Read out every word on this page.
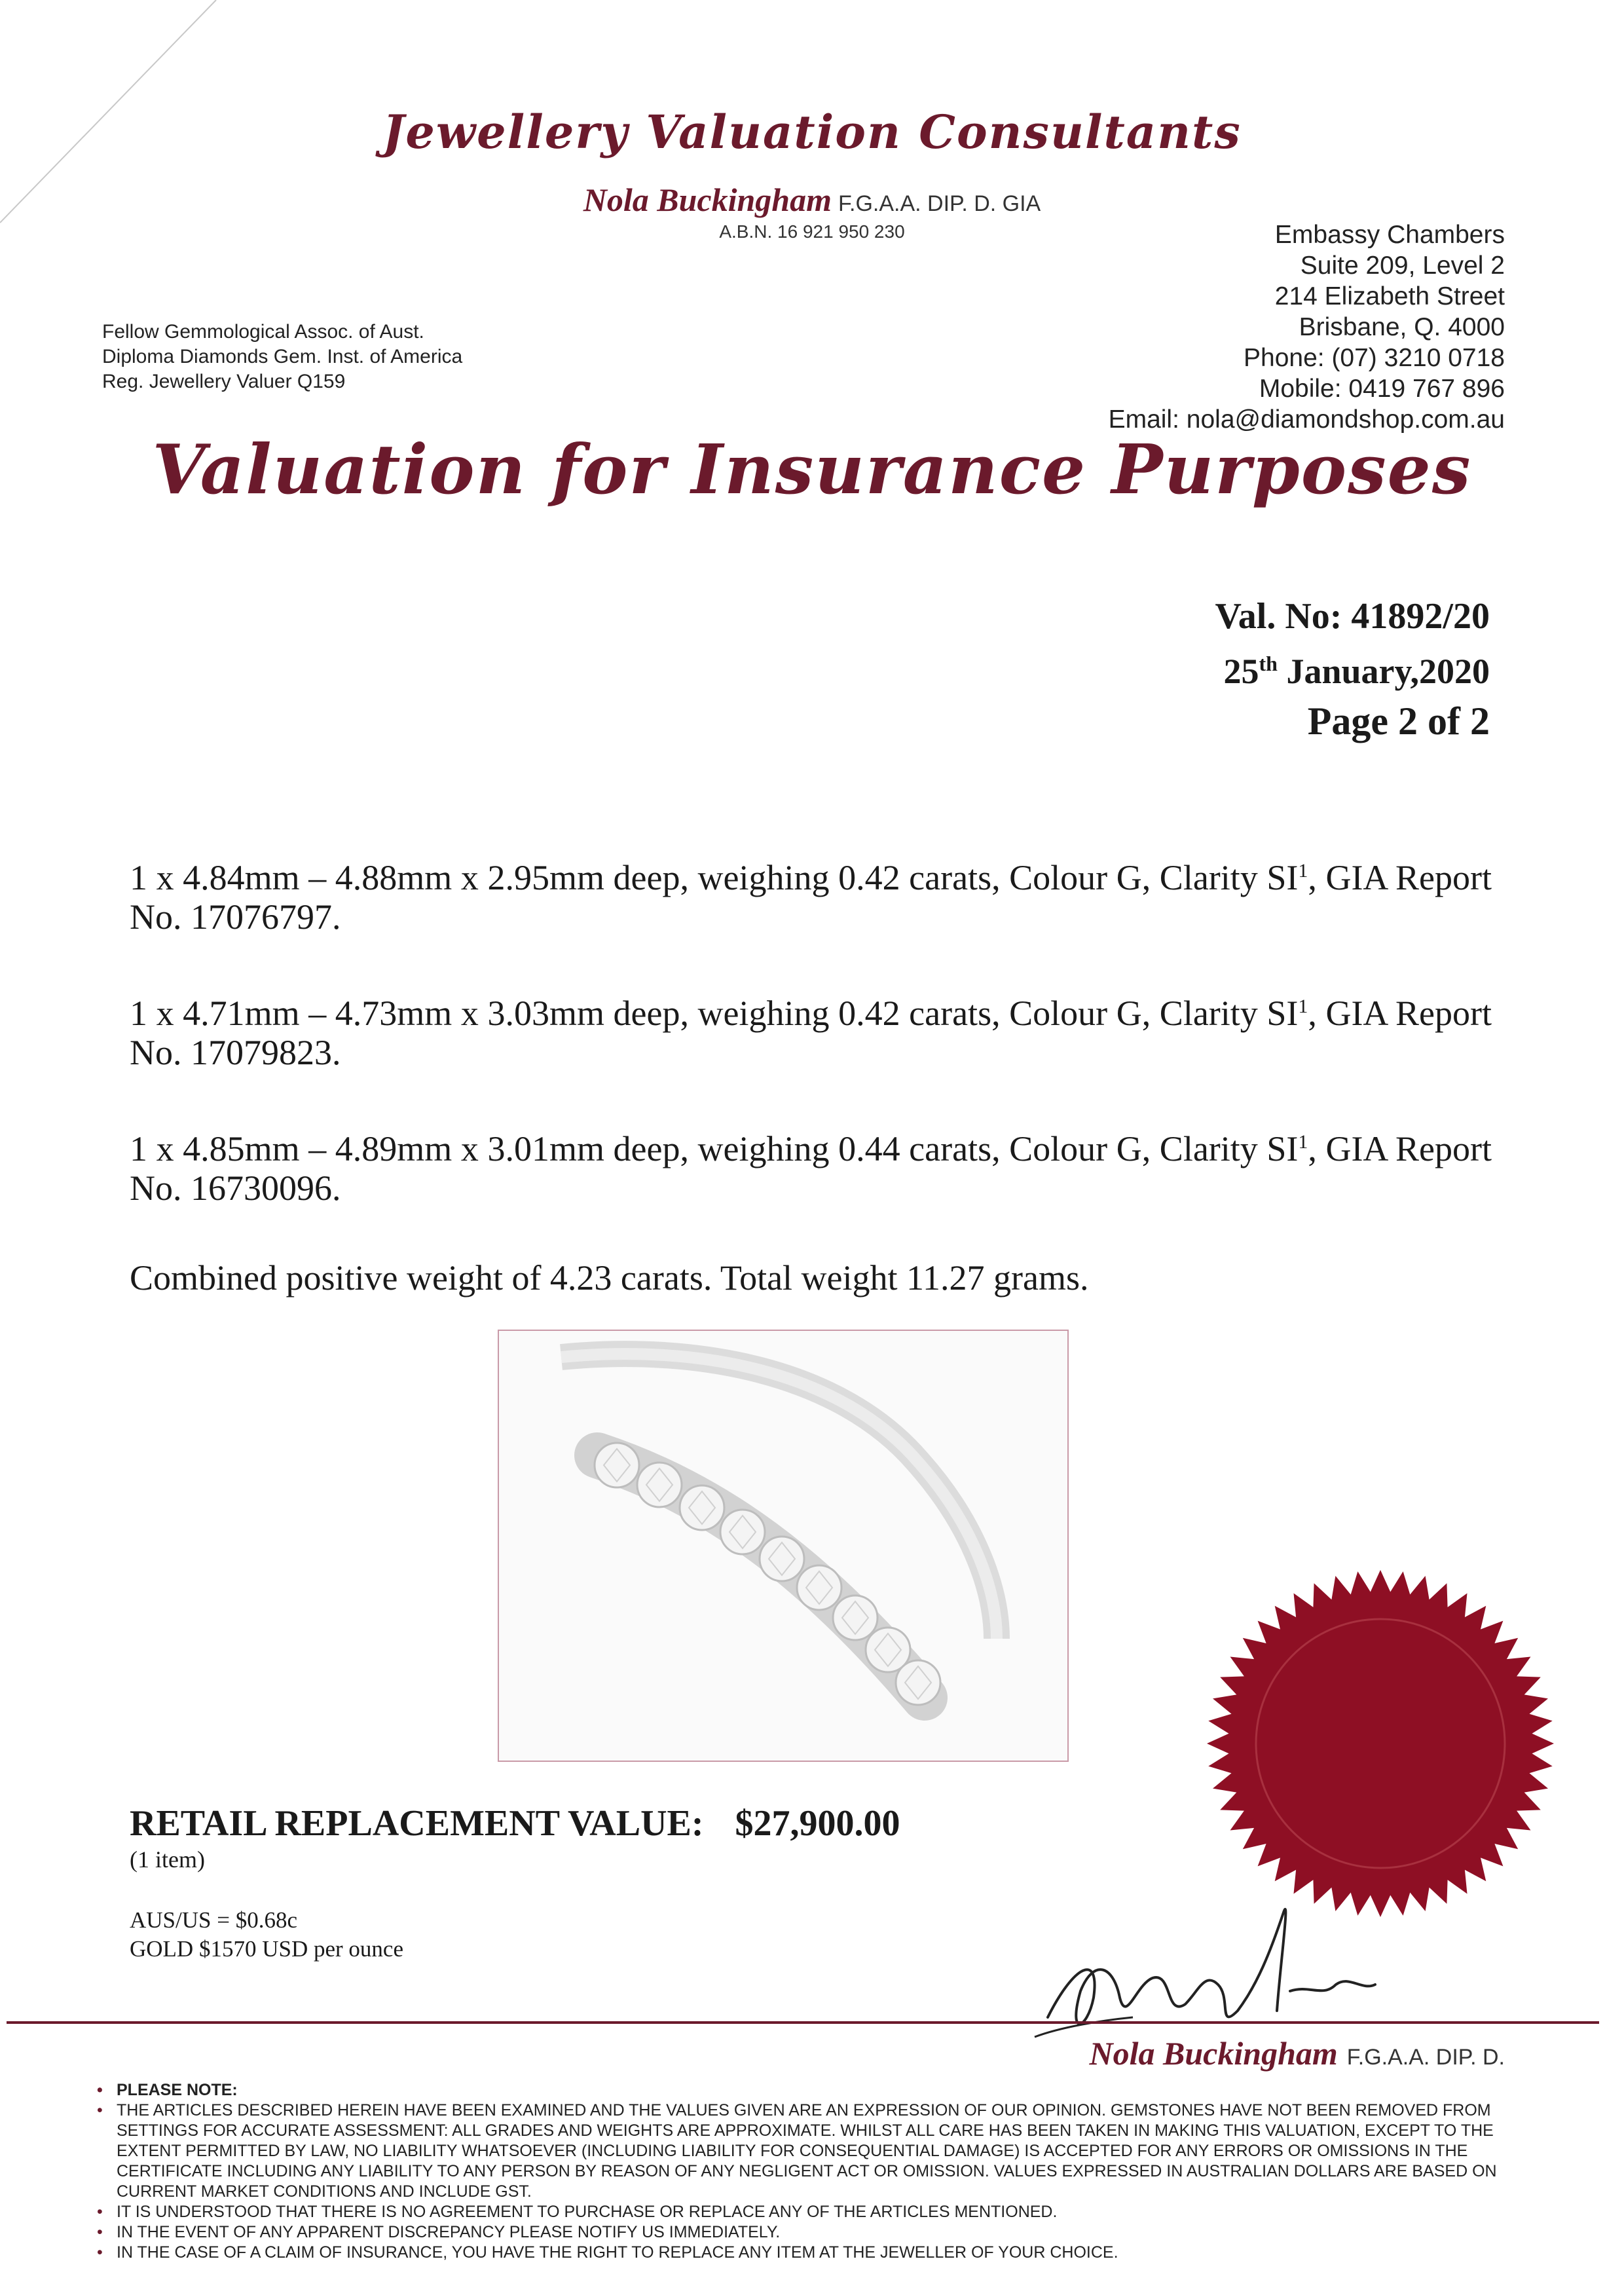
Jewellery Valuation Consultants
Nola Buckingham F.G.A.A. DIP. D. GIA
A.B.N. 16 921 950 230	Embassy Chambers
Suite 209, Level 2
214 Elizabeth Street
Brisbane, Q. 4000
Phone: (07) 3210 0718
Mobile: 0419 767 896
Email: nola@diamondshop.com.au
Fellow Gemmological Assoc. of Aust.
Diploma Diamonds Gem. Inst. of America
Reg. Jewellery Valuer Q159
Valuation for Insurance Purposes
Val. No: 41892/20
25th January,2020
Page 2 of 2
1 x 4.84mm – 4.88mm x 2.95mm deep, weighing 0.42 carats, Colour G, Clarity $SI^1$, GIA Report No. 17076797.
1 x 4.71mm – 4.73mm x 3.03mm deep, weighing 0.42 carats, Colour G, Clarity $SI^1$, GIA Report No. 17079823.
1 x 4.85mm – 4.89mm x 3.01mm deep, weighing 0.44 carats, Colour G, Clarity $SI^1$, GIA Report No. 16730096.
Combined positive weight of 4.23 carats. Total weight 11.27 grams.
RETAIL REPLACEMENT VALUE: $27,900.00
(1 item)
AUS/US = $0.68c
GOLD $1570 USD per ounce
Nola Buckingham F.G.A.A. DIP. D.

• PLEASE NOTE:

• THE ARTICLES DESCRIBED HEREIN HAVE BEEN EXAMINED AND THE VALUES GIVEN ARE AN EXPRESSION OF OUR OPINION. GEMSTONES HAVE NOT BEEN REMOVED FROM SETTINGS FOR ACCURATE ASSESSMENT: ALL GRADES AND WEIGHTS ARE APPROXIMATE. WHILST ALL CARE HAS BEEN TAKEN IN MAKING THIS VALUATION, EXCEPT TO THE EXTENT PERMITTED BY LAW, NO LIABILITY WHATSOEVER (INCLUDING LIABILITY FOR CONSEQUENTIAL DAMAGE) IS ACCEPTED FOR ANY ERRORS OR OMISSIONS IN THE CERTIFICATE INCLUDING ANY LIABILITY TO ANY PERSON BY REASON OF ANY NEGLIGENT ACT OR OMISSION. VALUES EXPRESSED IN AUSTRALIAN DOLLARS ARE BASED ON CURRENT MARKET CONDITIONS AND INCLUDE GST.

• IT IS UNDERSTOOD THAT THERE IS NO AGREEMENT TO PURCHASE OR REPLACE ANY OF THE ARTICLES MENTIONED.

• IN THE EVENT OF ANY APPARENT DISCREPANCY PLEASE NOTIFY US IMMEDIATELY.

• IN THE CASE OF A CLAIM OF INSURANCE, YOU HAVE THE RIGHT TO REPLACE ANY ITEM AT THE JEWELLER OF YOUR CHOICE.
